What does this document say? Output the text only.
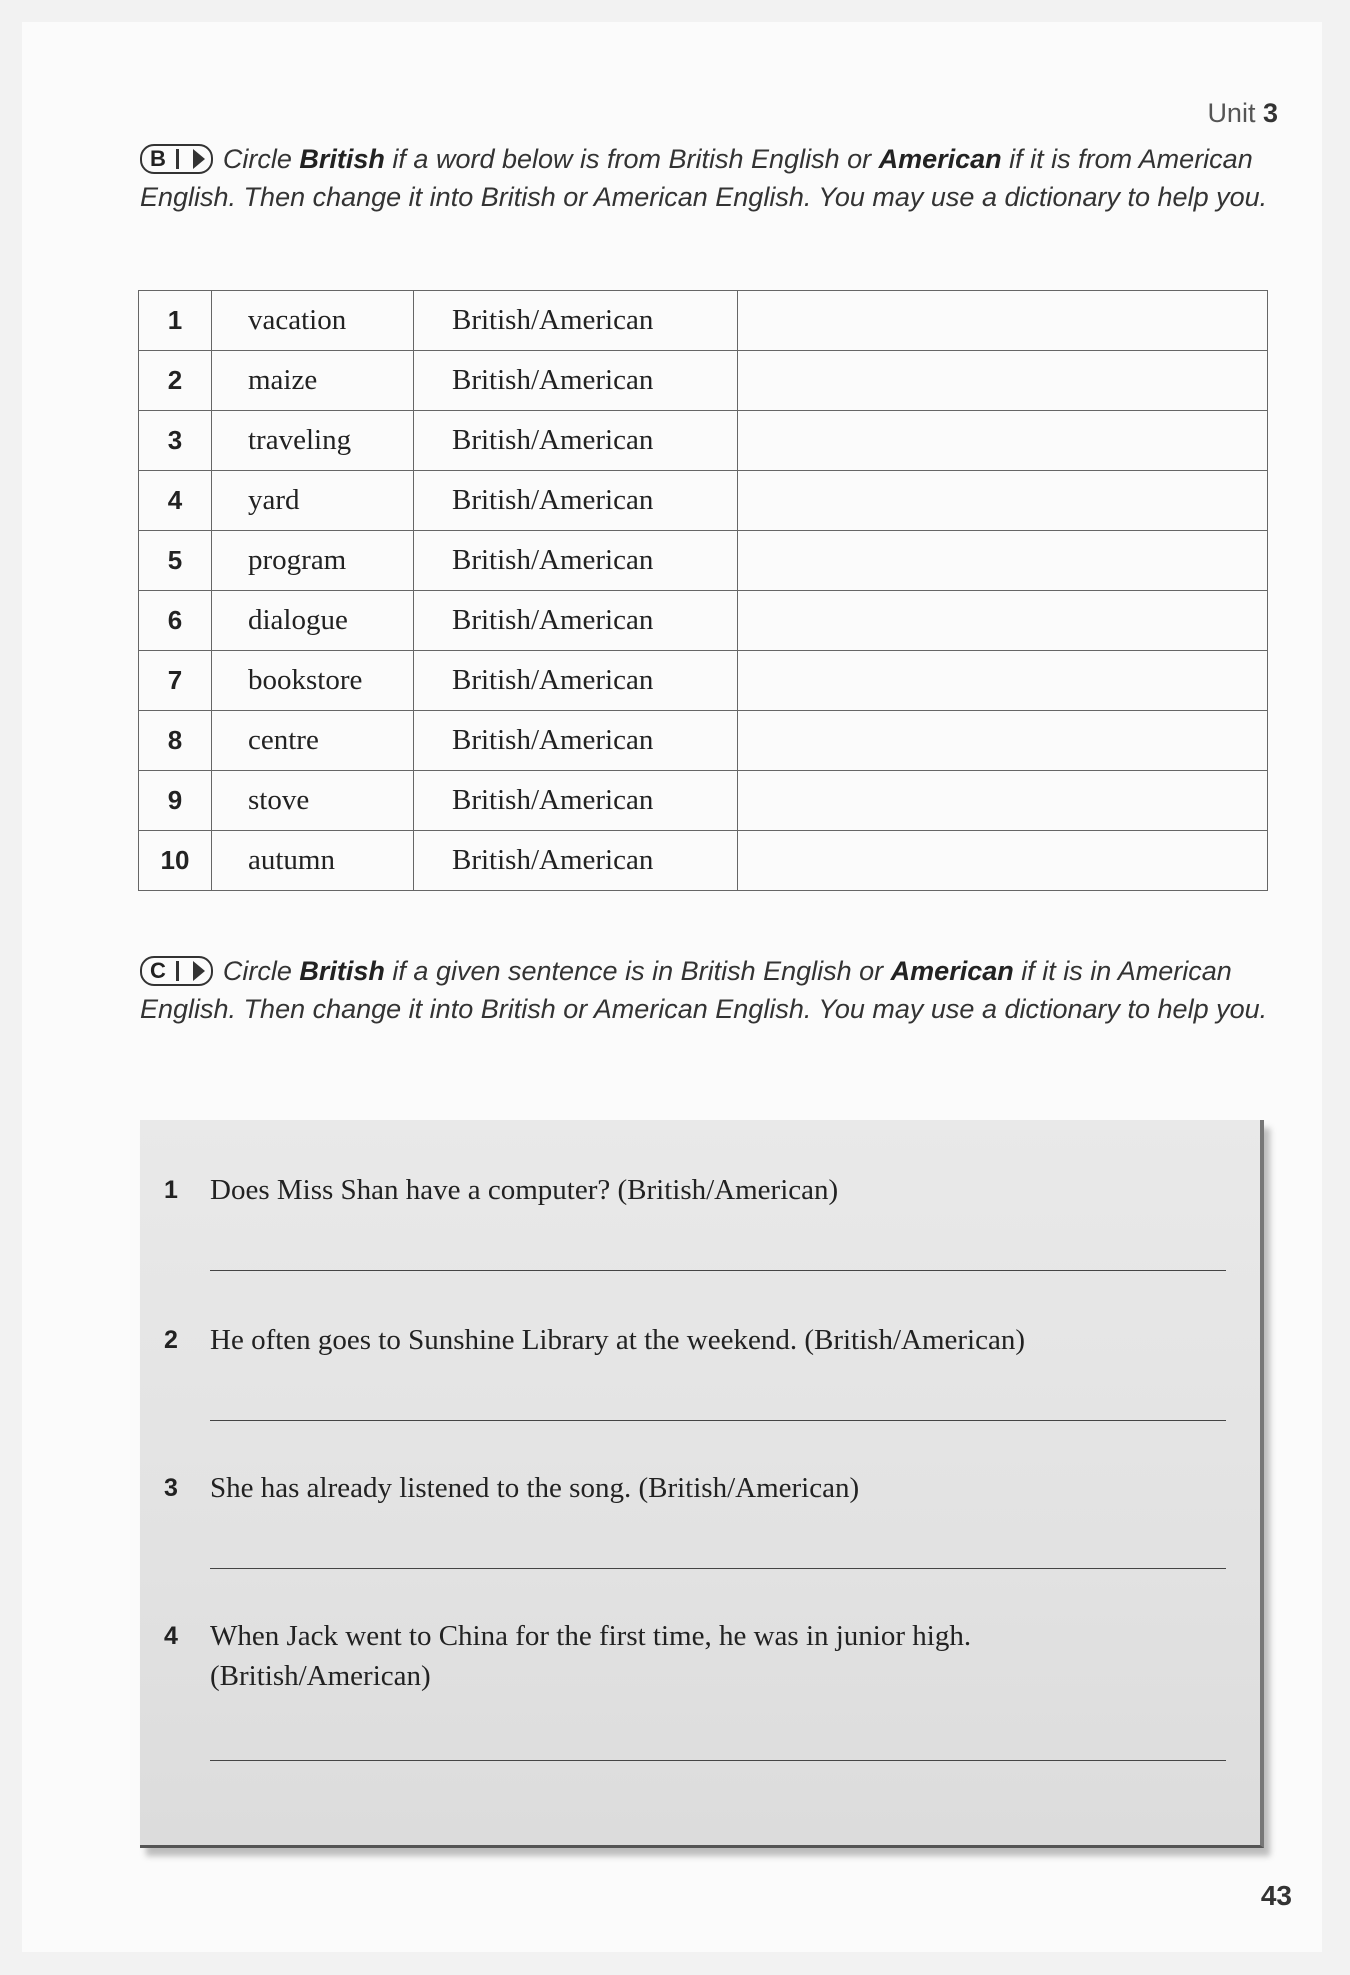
Unit 3
B Circle British if a word below is from British English or American if it is from American English. Then change it into British or American English. You may use a dictionary to help you.
1	vacation	British/American	
2	maize	British/American	
3	traveling	British/American	
4	yard	British/American	
5	program	British/American	
6	dialogue	British/American	
7	bookstore	British/American	
8	centre	British/American	
9	stove	British/American	
10	autumn	British/American	
C Circle British if a given sentence is in British English or American if it is in American English. Then change it into British or American English. You may use a dictionary to help you.
1 Does Miss Shan have a computer? (British/American)
2 He often goes to Sunshine Library at the weekend. (British/American)
3 She has already listened to the song. (British/American)
4 When Jack went to China for the first time, he was in junior high.
(British/American)
43
